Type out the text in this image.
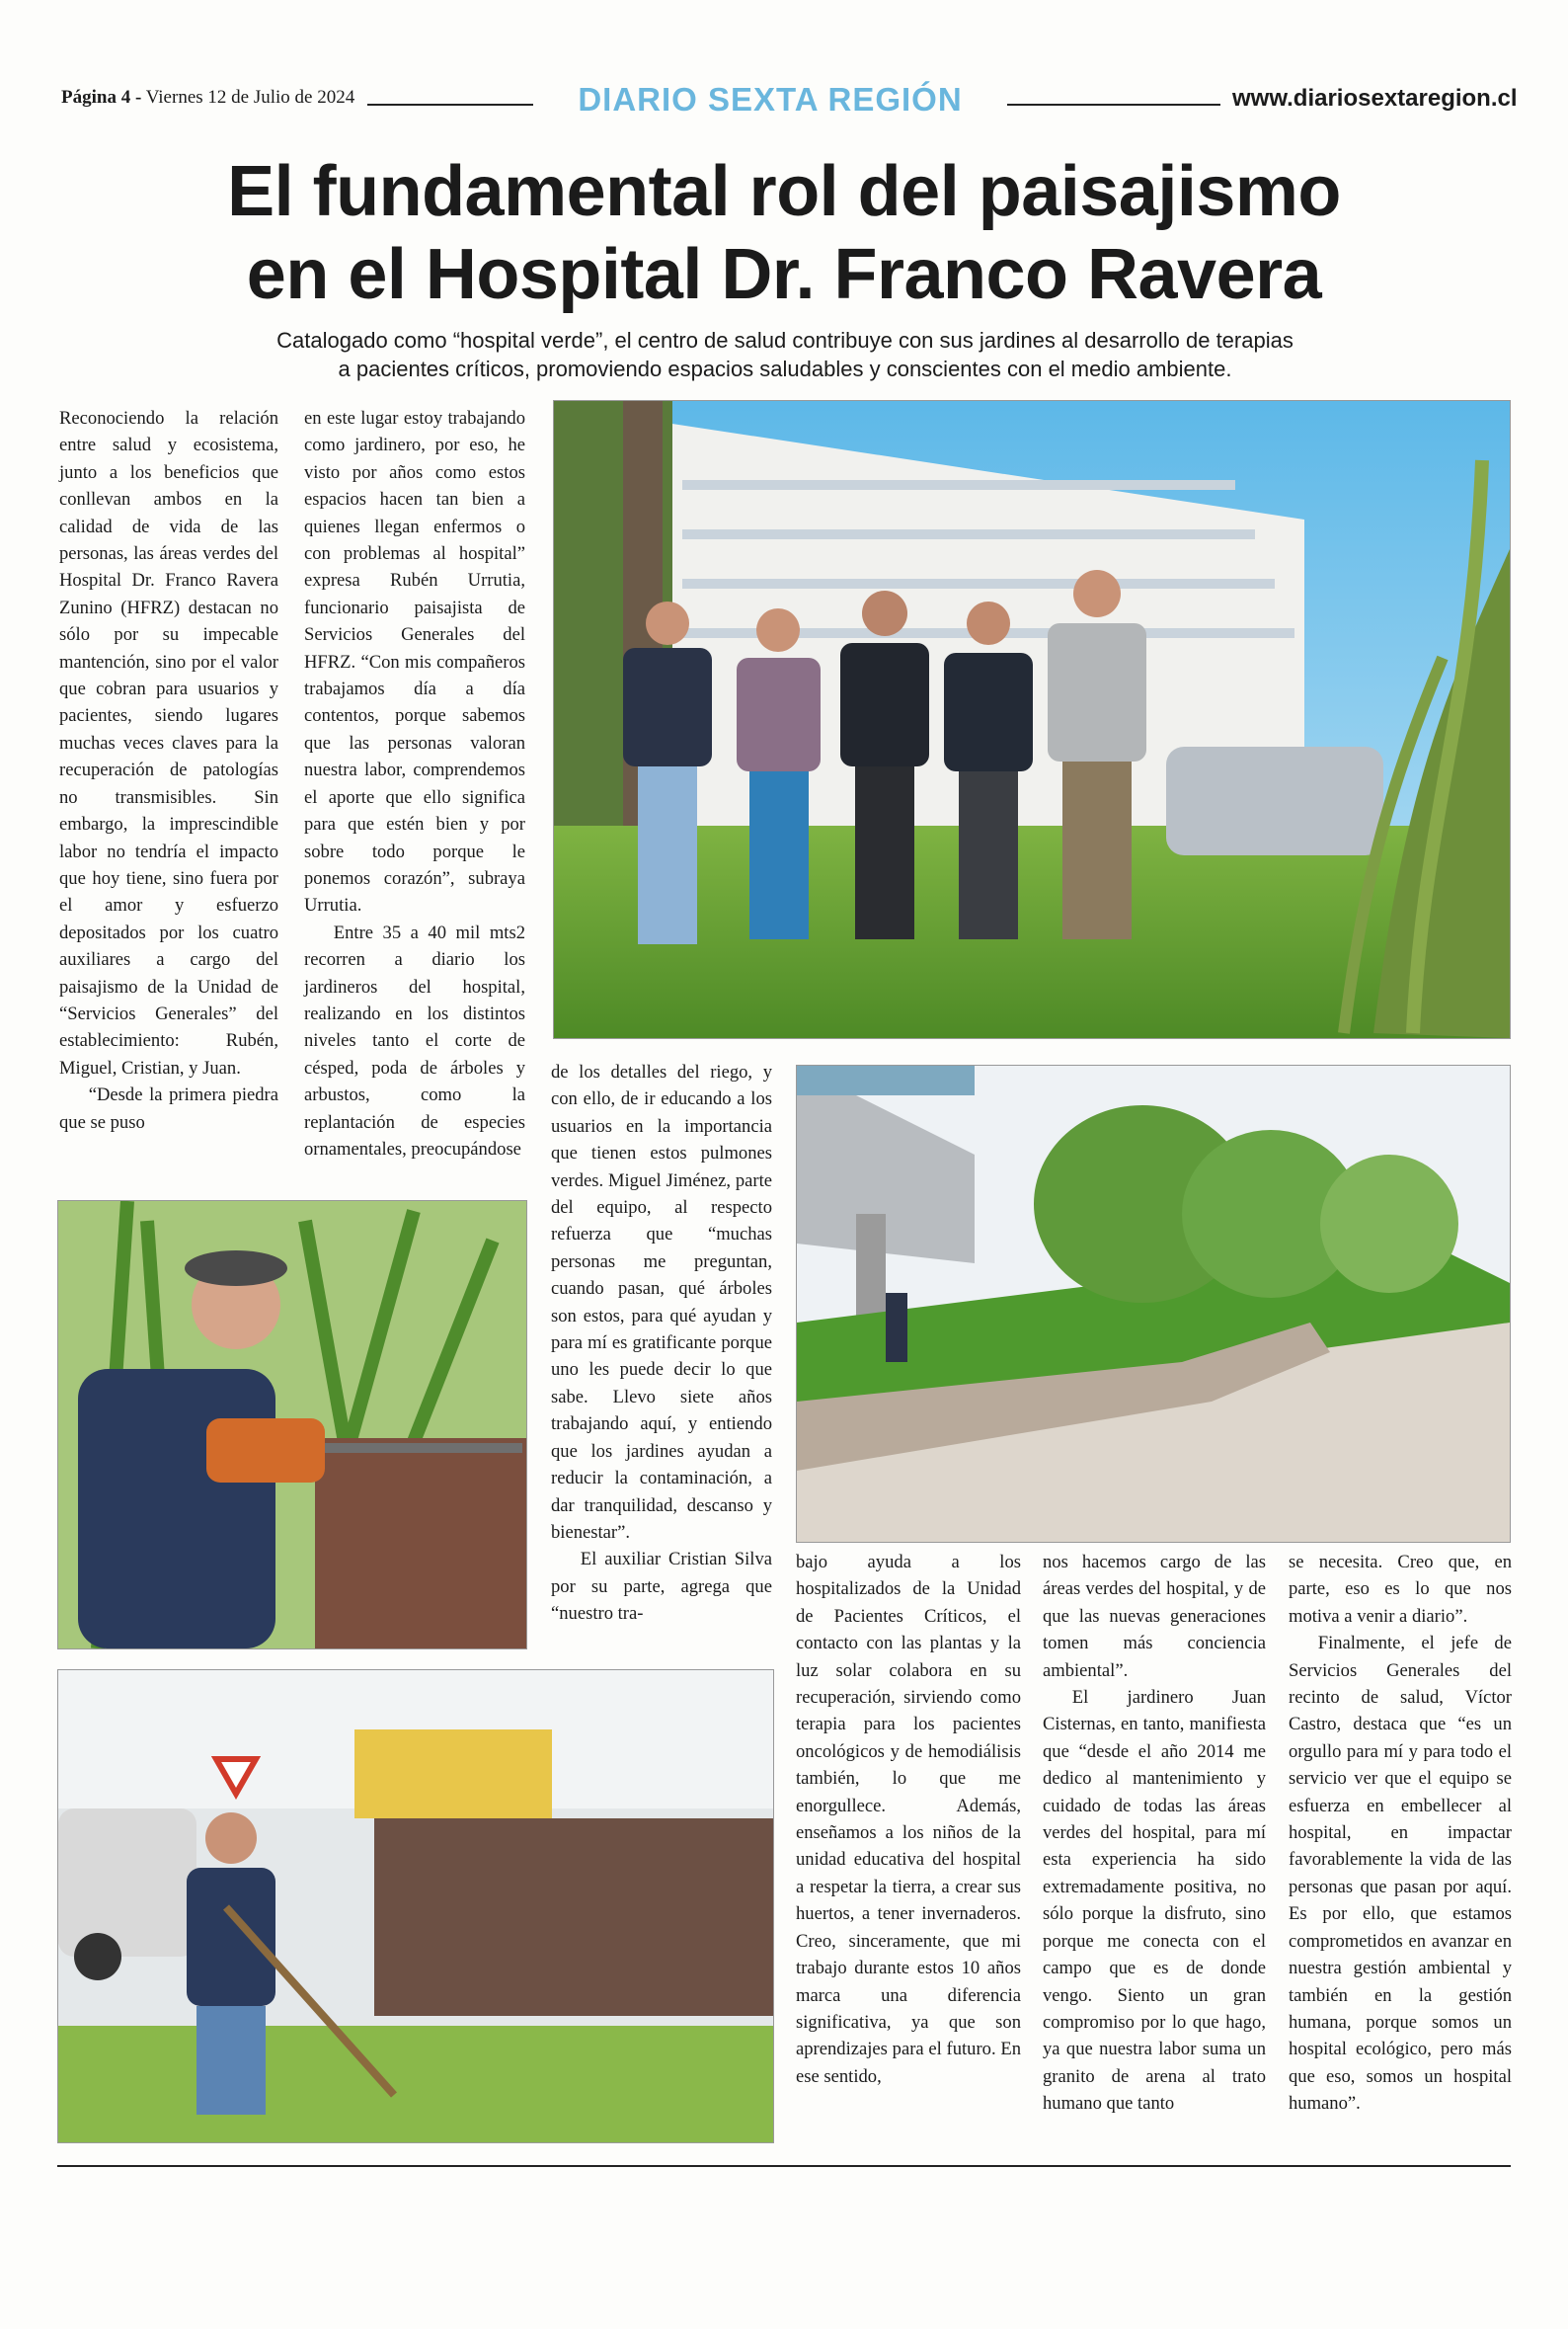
Página 4 - Viernes 12 de Julio de 2024	DIARIO SEXTA REGIÓN	www.diariosextaregion.cl
El fundamental rol del paisajismo
en el Hospital Dr. Franco Ravera
Catalogado como “hospital verde”, el centro de salud contribuye con sus jardines al desarrollo de terapias
a pacientes críticos, promoviendo espacios saludables y conscientes con el medio ambiente.

Reconociendo la relación entre salud y ecosistema, junto a los beneficios que conllevan ambos en la calidad de vida de las personas, las áreas verdes del Hospital Dr. Franco Ravera Zunino (HFRZ) destacan no sólo por su impecable mantención, sino por el valor que cobran para usuarios y pacientes, siendo lugares muchas veces claves para la recuperación de patologías no transmisibles. Sin embargo, la imprescindible labor no tendría el impacto que hoy tiene, sino fuera por el amor y esfuerzo depositados por los cuatro auxiliares a cargo del paisajismo de la Unidad de “Servicios Generales” del establecimiento: Rubén, Miguel, Cristian, y Juan.

“Desde la primera piedra que se puso

en este lugar estoy trabajando como jardinero, por eso, he visto por años como estos espacios hacen tan bien a quienes llegan enfermos o con problemas al hospital” expresa Rubén Urrutia, funcionario paisajista de Servicios Generales del HFRZ. “Con mis compañeros trabajamos día a día contentos, porque sabemos que las personas valoran nuestra labor, comprendemos el aporte que ello significa para que estén bien y por sobre todo porque le ponemos corazón”, subraya Urrutia.

Entre 35 a 40 mil mts2 recorren a diario los jardineros del hospital, realizando en los distintos niveles tanto el corte de césped, poda de árboles y arbustos, como la replantación de especies ornamentales, preocupándose

de los detalles del riego, y con ello, de ir educando a los usuarios en la importancia que tienen estos pulmones verdes. Miguel Jiménez, parte del equipo, al respecto refuerza que “muchas personas me preguntan, cuando pasan, qué árboles son estos, para qué ayudan y para mí es gratificante porque uno les puede decir lo que sabe. Llevo siete años trabajando aquí, y entiendo que los jardines ayudan a reducir la contaminación, a dar tranquilidad, descanso y bienestar”.

El auxiliar Cristian Silva por su parte, agrega que “nuestro tra-

bajo ayuda a los hospitalizados de la Unidad de Pacientes Críticos, el contacto con las plantas y la luz solar colabora en su recuperación, sirviendo como terapia para los pacientes oncológicos y de hemodiálisis también, lo que me enorgullece. Además, enseñamos a los niños de la unidad educativa del hospital a respetar la tierra, a crear sus huertos, a tener invernaderos. Creo, sinceramente, que mi trabajo durante estos 10 años marca una diferencia significativa, ya que son aprendizajes para el futuro. En ese sentido,

nos hacemos cargo de las áreas verdes del hospital, y de que las nuevas generaciones tomen más conciencia ambiental”.

El jardinero Juan Cisternas, en tanto, manifiesta que “desde el año 2014 me dedico al mantenimiento y cuidado de todas las áreas verdes del hospital, para mí esta experiencia ha sido extremadamente positiva, no sólo porque la disfruto, sino porque me conecta con el campo que es de donde vengo. Siento un gran compromiso por lo que hago, ya que nuestra labor suma un granito de arena al trato humano que tanto

se necesita. Creo que, en parte, eso es lo que nos motiva a venir a diario”.

Finalmente, el jefe de Servicios Generales del recinto de salud, Víctor Castro, destaca que “es un orgullo para mí y para todo el servicio ver que el equipo se esfuerza en embellecer al hospital, en impactar favorablemente la vida de las personas que pasan por aquí. Es por ello, que estamos comprometidos en avanzar en nuestra gestión ambiental y también en la gestión humana, porque somos un hospital ecológico, pero más que eso, somos un hospital humano”.
